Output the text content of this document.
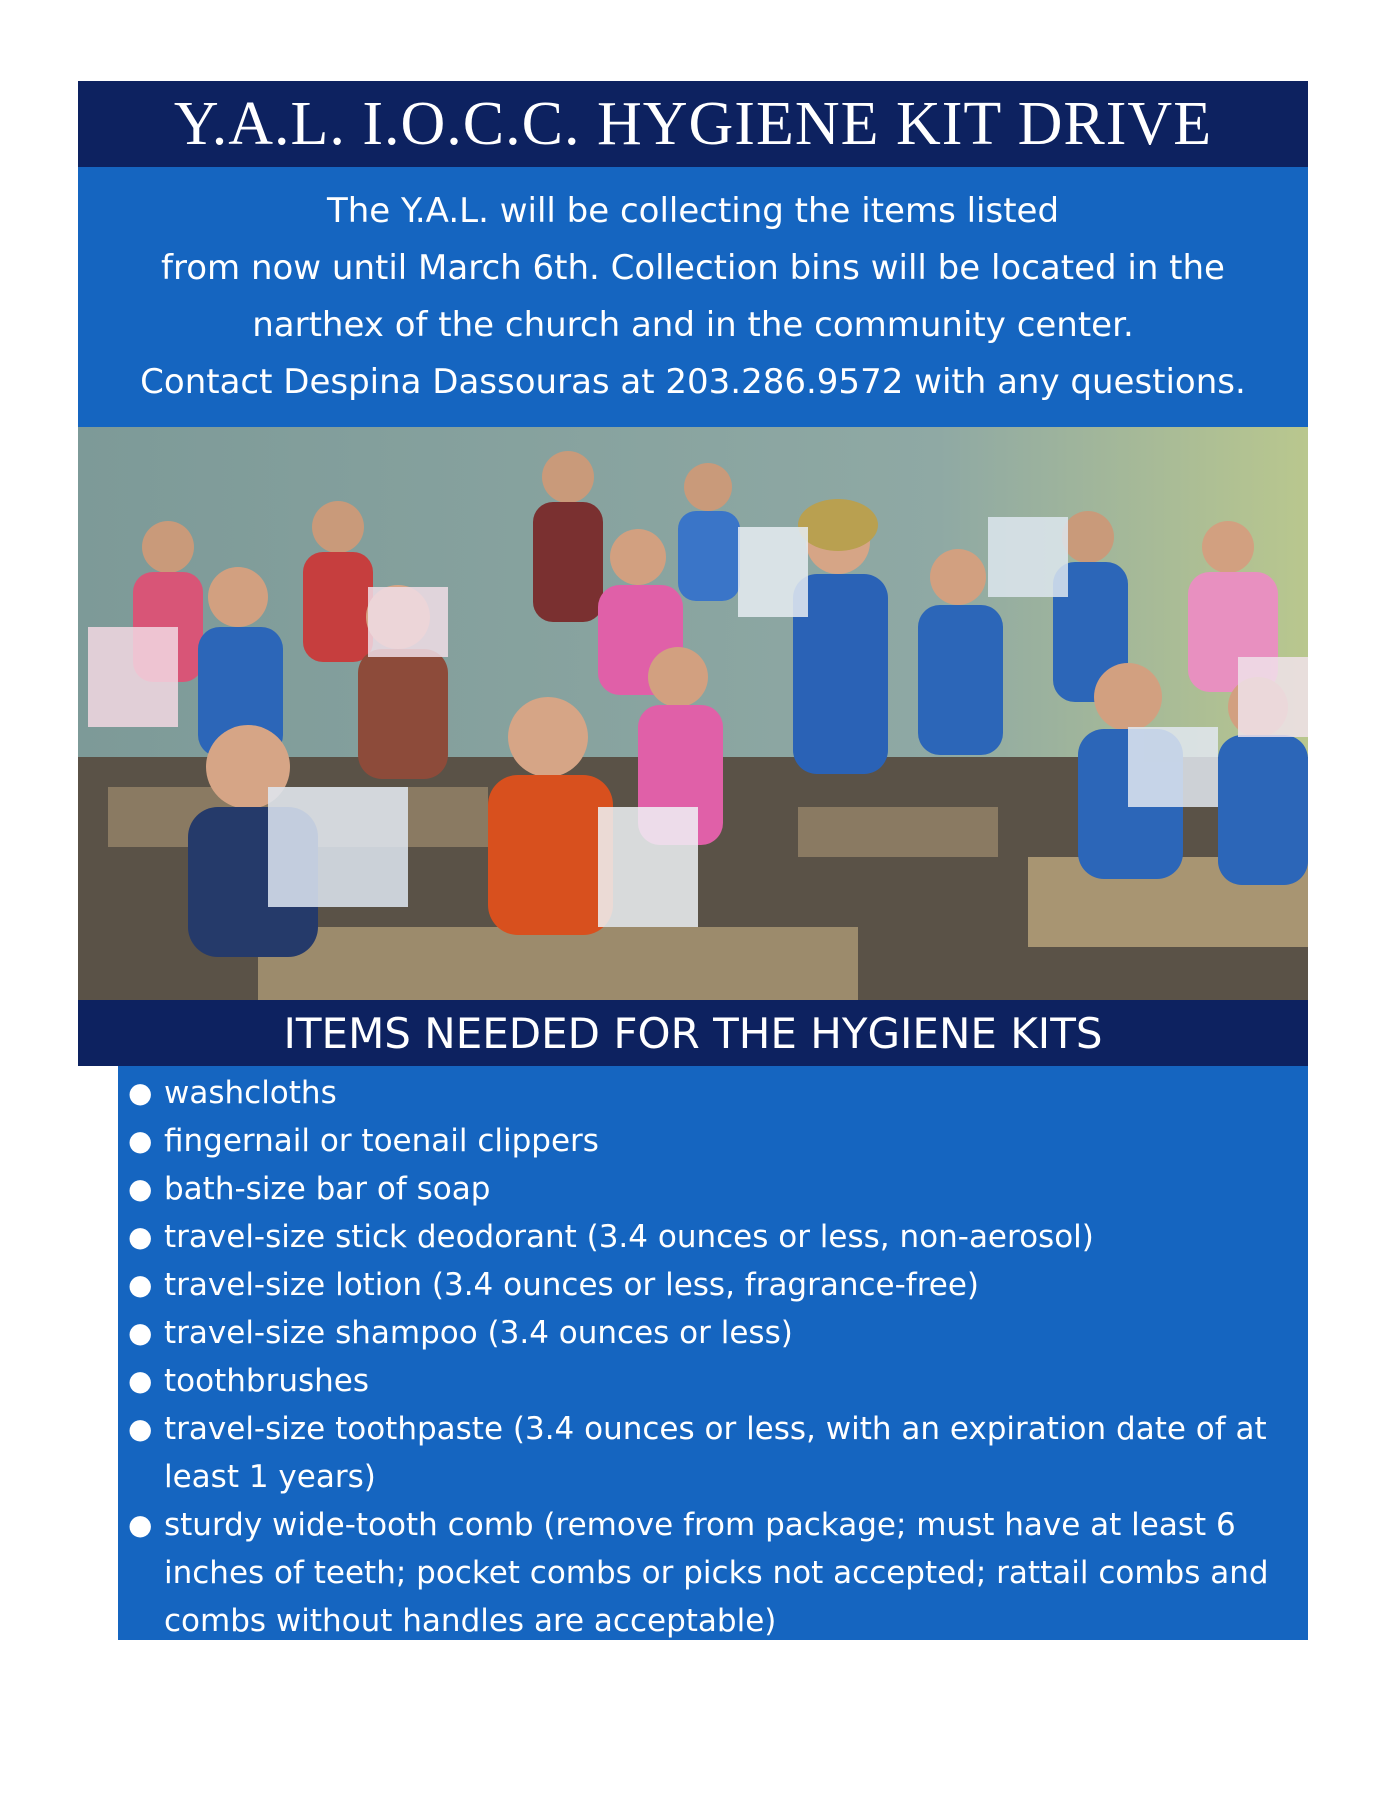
Y.A.L. I.O.C.C. HYGIENE KIT DRIVE
The Y.A.L. will be collecting the items listed
from now until March 6th. Collection bins will be located in the
narthex of the church and in the community center.
Contact Despina Dassouras at 203.286.9572 with any questions.
ITEMS NEEDED FOR THE HYGIENE KITS
● washcloths
● fingernail or toenail clippers
● bath-size bar of soap
● travel-size stick deodorant (3.4 ounces or less, non-aerosol)
● travel-size lotion (3.4 ounces or less, fragrance-free)
● travel-size shampoo (3.4 ounces or less)
● toothbrushes
● travel-size toothpaste (3.4 ounces or less, with an expiration date of at least 1 years)
● sturdy wide-tooth comb (remove from package; must have at least 6 inches of teeth; pocket combs or picks not accepted; rattail combs and combs without handles are acceptable)
